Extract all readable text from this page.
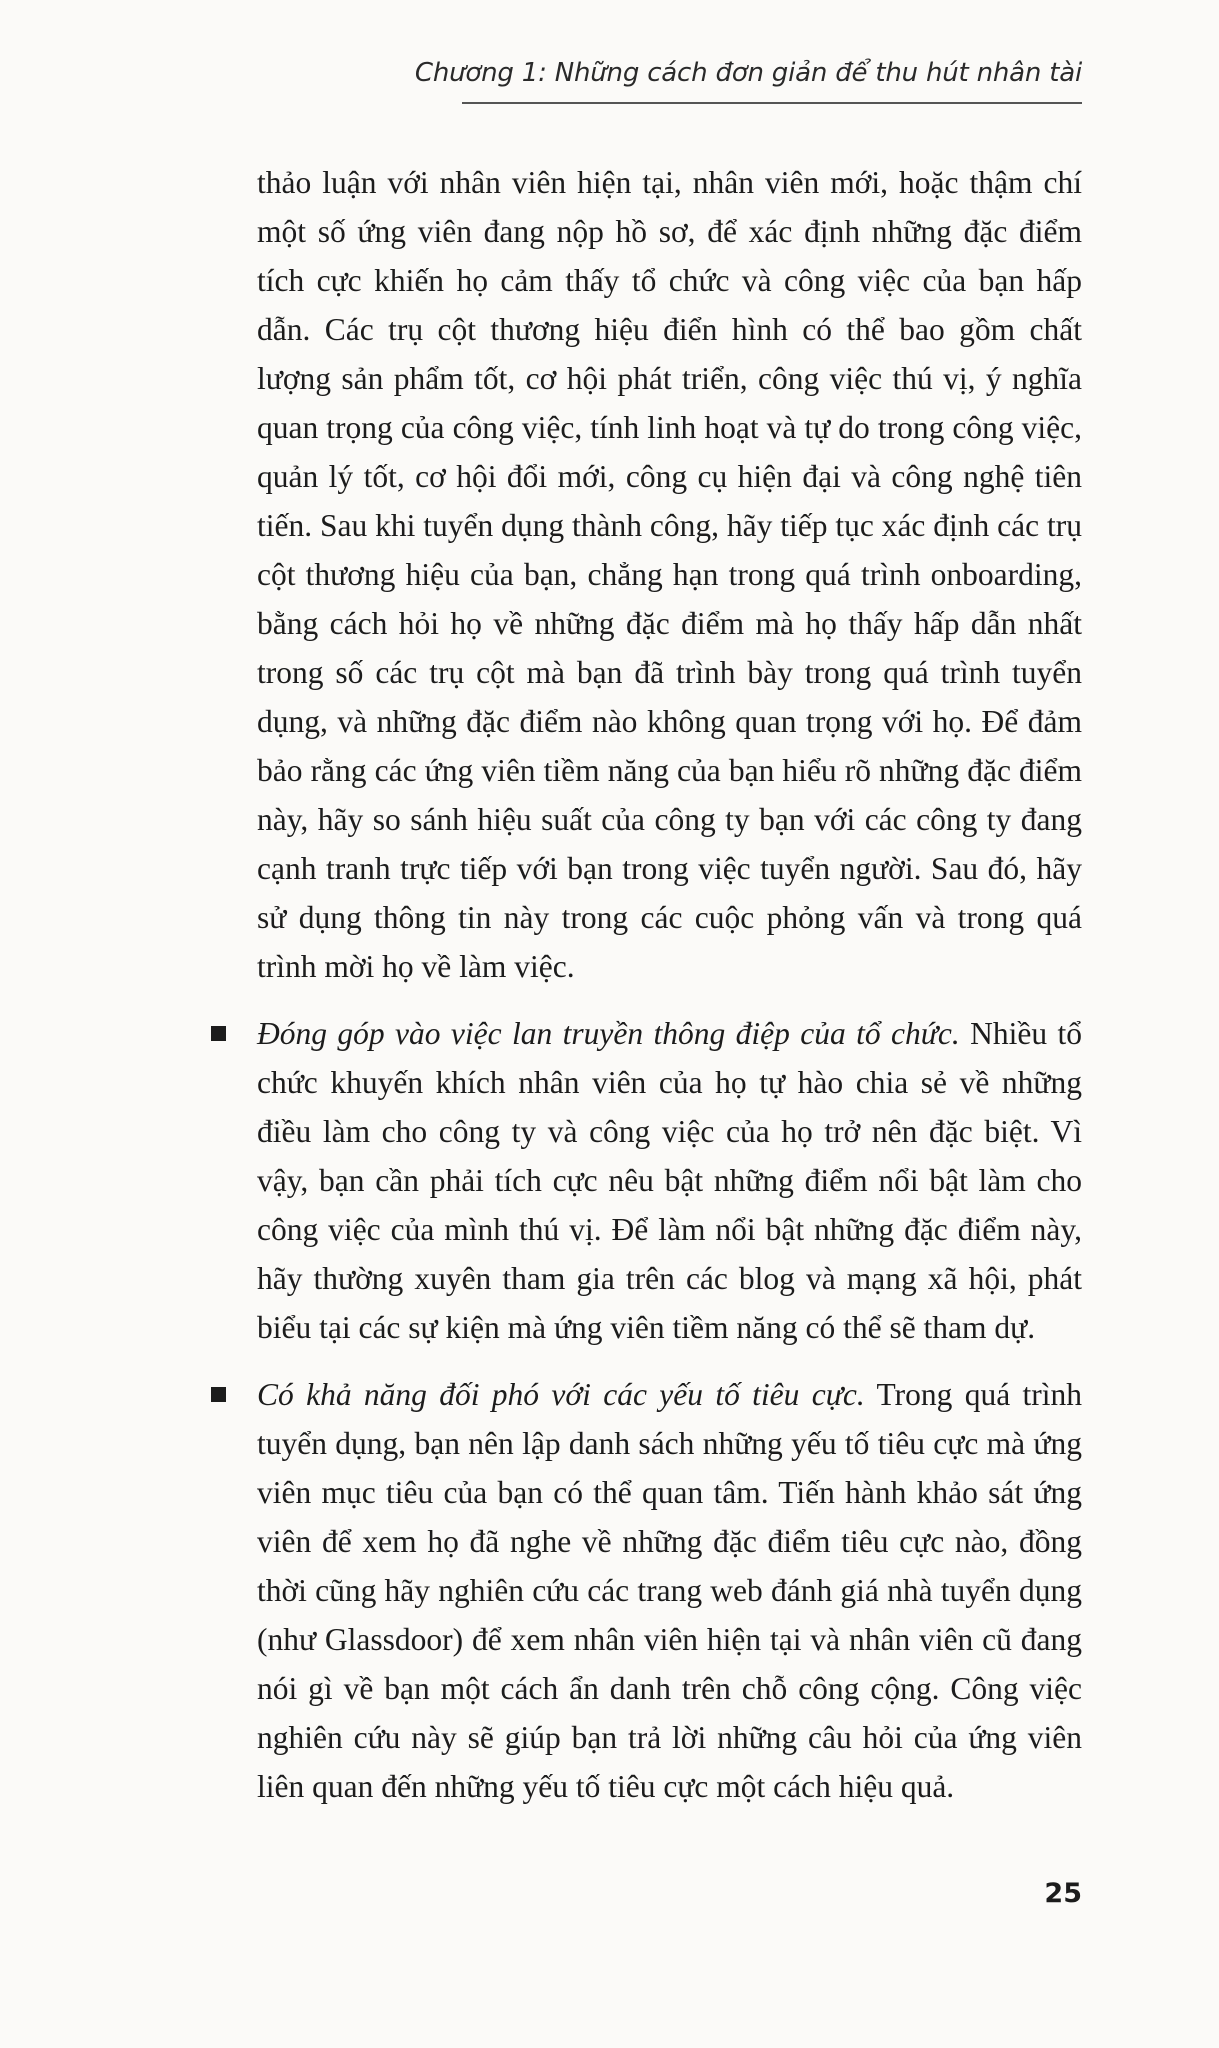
Chương 1: Những cách đơn giản để thu hút nhân tài

thảo luận với nhân viên hiện tại, nhân viên mới, hoặc thậm chí một số ứng viên đang nộp hồ sơ, để xác định những đặc điểm tích cực khiến họ cảm thấy tổ chức và công việc của bạn hấp dẫn. Các trụ cột thương hiệu điển hình có thể bao gồm chất lượng sản phẩm tốt, cơ hội phát triển, công việc thú vị, ý nghĩa quan trọng của công việc, tính linh hoạt và tự do trong công việc, quản lý tốt, cơ hội đổi mới, công cụ hiện đại và công nghệ tiên tiến. Sau khi tuyển dụng thành công, hãy tiếp tục xác định các trụ cột thương hiệu của bạn, chẳng hạn trong quá trình onboarding, bằng cách hỏi họ về những đặc điểm mà họ thấy hấp dẫn nhất trong số các trụ cột mà bạn đã trình bày trong quá trình tuyển dụng, và những đặc điểm nào không quan trọng với họ. Để đảm bảo rằng các ứng viên tiềm năng của bạn hiểu rõ những đặc điểm này, hãy so sánh hiệu suất của công ty bạn với các công ty đang cạnh tranh trực tiếp với bạn trong việc tuyển người. Sau đó, hãy sử dụng thông tin này trong các cuộc phỏng vấn và trong quá trình mời họ về làm việc.

Đóng góp vào việc lan truyền thông điệp của tổ chức. Nhiều tổ chức khuyến khích nhân viên của họ tự hào chia sẻ về những điều làm cho công ty và công việc của họ trở nên đặc biệt. Vì vậy, bạn cần phải tích cực nêu bật những điểm nổi bật làm cho công việc của mình thú vị. Để làm nổi bật những đặc điểm này, hãy thường xuyên tham gia trên các blog và mạng xã hội, phát biểu tại các sự kiện mà ứng viên tiềm năng có thể sẽ tham dự.

Có khả năng đối phó với các yếu tố tiêu cực. Trong quá trình tuyển dụng, bạn nên lập danh sách những yếu tố tiêu cực mà ứng viên mục tiêu của bạn có thể quan tâm. Tiến hành khảo sát ứng viên để xem họ đã nghe về những đặc điểm tiêu cực nào, đồng thời cũng hãy nghiên cứu các trang web đánh giá nhà tuyển dụng (như Glassdoor) để xem nhân viên hiện tại và nhân viên cũ đang nói gì về bạn một cách ẩn danh trên chỗ công cộng. Công việc nghiên cứu này sẽ giúp bạn trả lời những câu hỏi của ứng viên liên quan đến những yếu tố tiêu cực một cách hiệu quả.

25
